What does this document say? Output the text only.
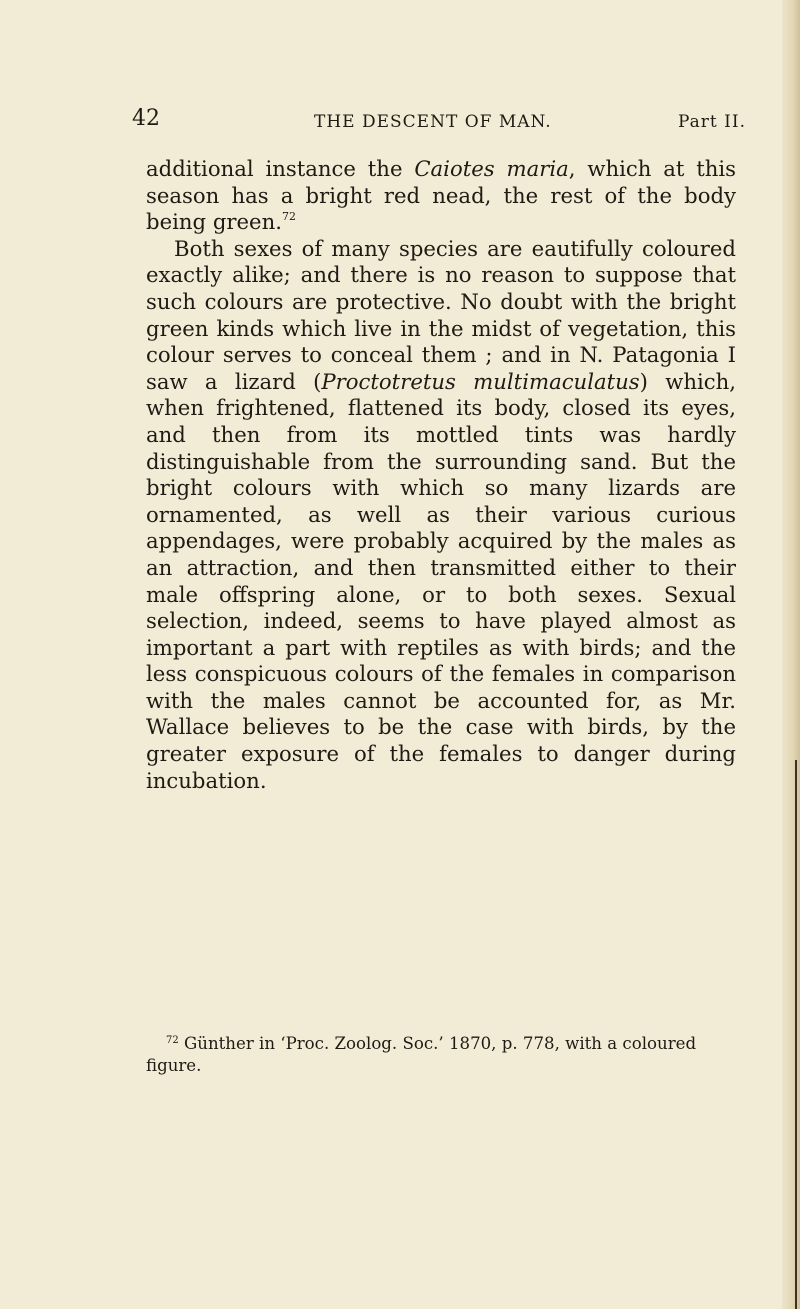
42	THE DESCENT OF MAN.	Part II.

additional instance the Caiotes maria, which at this season has a bright red nead, the rest of the body being green.$^{72}$

Both sexes of many species are eautifully coloured exactly alike; and there is no reason to suppose that such colours are protective. No doubt with the bright green kinds which live in the midst of vegetation, this colour serves to conceal them ; and in N. Patagonia I saw a lizard (Proctotretus multimaculatus) which, when frightened, flattened its body, closed its eyes, and then from its mottled tints was hardly distinguishable from the surrounding sand. But the bright colours with which so many lizards are ornamented, as well as their various curious appendages, were probably acquired by the males as an attraction, and then transmitted either to their male offspring alone, or to both sexes. Sexual selection, indeed, seems to have played almost as important a part with reptiles as with birds; and the less conspicuous colours of the females in comparison with the males cannot be accounted for, as Mr. Wallace believes to be the case with birds, by the greater exposure of the females to danger during incubation.

$^{72}$ Günther in ‘Proc. Zoolog. Soc.’ 1870, p. 778, with a coloured figure.
